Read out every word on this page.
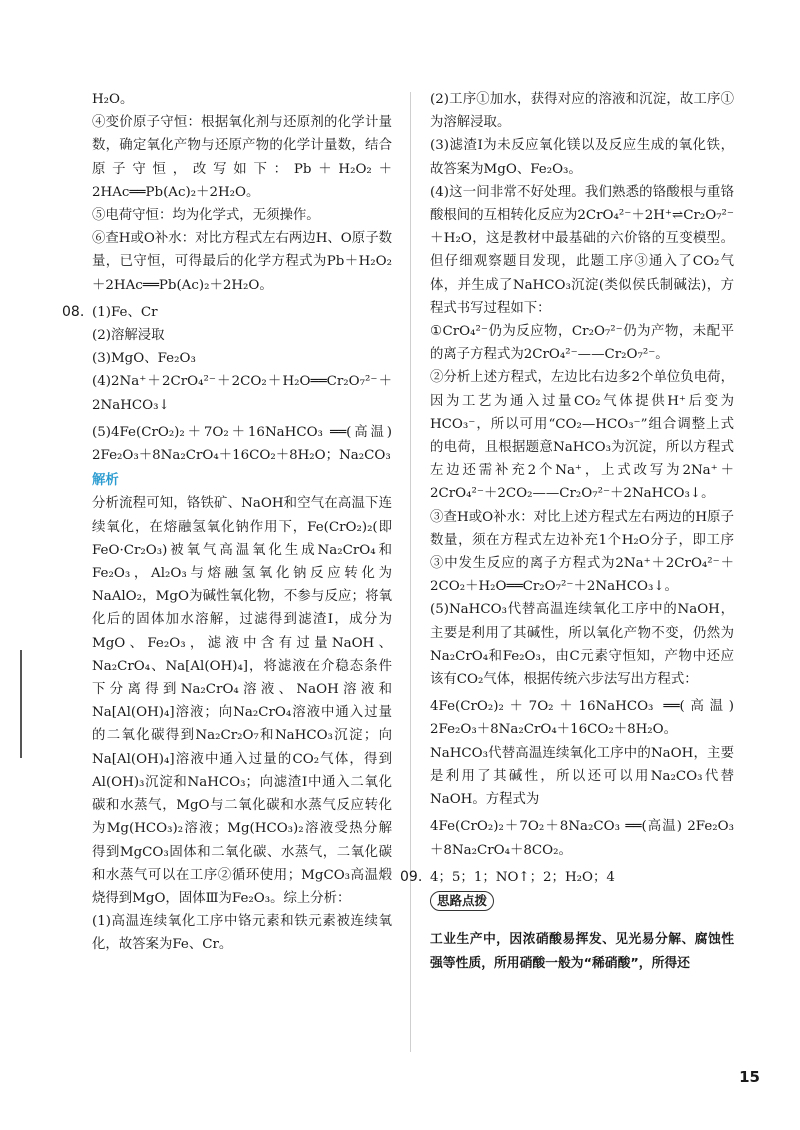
H₂O。

④变价原子守恒：根据氧化剂与还原剂的化学计量数，确定氧化产物与还原产物的化学计量数，结合原子守恒，改写如下：Pb＋H₂O₂＋2HAc══Pb(Ac)₂＋2H₂O。

⑤电荷守恒：均为化学式，无须操作。

⑥查H或O补水：对比方程式左右两边H、O原子数量，已守恒，可得最后的化学方程式为Pb＋H₂O₂＋2HAc══Pb(Ac)₂＋2H₂O。

08. (1)Fe、Cr

(2)溶解浸取

(3)MgO、Fe₂O₃

(4)2Na⁺＋2CrO₄²⁻＋2CO₂＋H₂O══Cr₂O₇²⁻＋2NaHCO₃↓

(5)4Fe(CrO₂)₂＋7O₂＋16NaHCO₃ ══(高温) 2Fe₂O₃＋8Na₂CrO₄＋16CO₂＋8H₂O；Na₂CO₃

解析

分析流程可知，铬铁矿、NaOH和空气在高温下连续氧化，在熔融氢氧化钠作用下，Fe(CrO₂)₂(即FeO·Cr₂O₃)被氧气高温氧化生成Na₂CrO₄和Fe₂O₃，Al₂O₃与熔融氢氧化钠反应转化为NaAlO₂，MgO为碱性氧化物，不参与反应；将氧化后的固体加水溶解，过滤得到滤渣Ⅰ，成分为MgO、Fe₂O₃，滤液中含有过量NaOH、Na₂CrO₄、Na[Al(OH)₄]，将滤液在介稳态条件下分离得到Na₂CrO₄溶液、NaOH溶液和Na[Al(OH)₄]溶液；向Na₂CrO₄溶液中通入过量的二氧化碳得到Na₂Cr₂O₇和NaHCO₃沉淀；向Na[Al(OH)₄]溶液中通入过量的CO₂气体，得到Al(OH)₃沉淀和NaHCO₃；向滤渣Ⅰ中通入二氧化碳和水蒸气，MgO与二氧化碳和水蒸气反应转化为Mg(HCO₃)₂溶液；Mg(HCO₃)₂溶液受热分解得到MgCO₃固体和二氧化碳、水蒸气，二氧化碳和水蒸气可以在工序②循环使用；MgCO₃高温煅烧得到MgO，固体Ⅲ为Fe₂O₃。综上分析：

(1)高温连续氧化工序中铬元素和铁元素被连续氧化，故答案为Fe、Cr。

(2)工序①加水，获得对应的溶液和沉淀，故工序①为溶解浸取。

(3)滤渣Ⅰ为未反应氧化镁以及反应生成的氧化铁，故答案为MgO、Fe₂O₃。

(4)这一问非常不好处理。我们熟悉的铬酸根与重铬酸根间的互相转化反应为2CrO₄²⁻＋2H⁺⇌Cr₂O₇²⁻＋H₂O，这是教材中最基础的六价铬的互变模型。但仔细观察题目发现，此题工序③通入了CO₂气体，并生成了NaHCO₃沉淀(类似侯氏制碱法)，方程式书写过程如下：

①CrO₄²⁻仍为反应物，Cr₂O₇²⁻仍为产物，未配平的离子方程式为2CrO₄²⁻——Cr₂O₇²⁻。

②分析上述方程式，左边比右边多2个单位负电荷，因为工艺为通入过量CO₂气体提供H⁺后变为HCO₃⁻，所以可用“CO₂—HCO₃⁻”组合调整上式的电荷，且根据题意NaHCO₃为沉淀，所以方程式左边还需补充2个Na⁺，上式改写为2Na⁺＋2CrO₄²⁻＋2CO₂——Cr₂O₇²⁻＋2NaHCO₃↓。

③查H或O补水：对比上述方程式左右两边的H原子数量，须在方程式左边补充1个H₂O分子，即工序③中发生反应的离子方程式为2Na⁺＋2CrO₄²⁻＋2CO₂＋H₂O══Cr₂O₇²⁻＋2NaHCO₃↓。

(5)NaHCO₃代替高温连续氧化工序中的NaOH，主要是利用了其碱性，所以氧化产物不变，仍然为Na₂CrO₄和Fe₂O₃，由C元素守恒知，产物中还应该有CO₂气体，根据传统六步法写出方程式：

4Fe(CrO₂)₂＋7O₂＋16NaHCO₃ ══(高温) 2Fe₂O₃＋8Na₂CrO₄＋16CO₂＋8H₂O。

NaHCO₃代替高温连续氧化工序中的NaOH，主要是利用了其碱性，所以还可以用Na₂CO₃代替NaOH。方程式为

4Fe(CrO₂)₂＋7O₂＋8Na₂CO₃ ══(高温) 2Fe₂O₃＋8Na₂CrO₄＋8CO₂。

09. 4；5；1；NO↑；2；H₂O；4

思路点拨

工业生产中，因浓硝酸易挥发、见光易分解、腐蚀性强等性质，所用硝酸一般为“稀硝酸”，所得还

15
